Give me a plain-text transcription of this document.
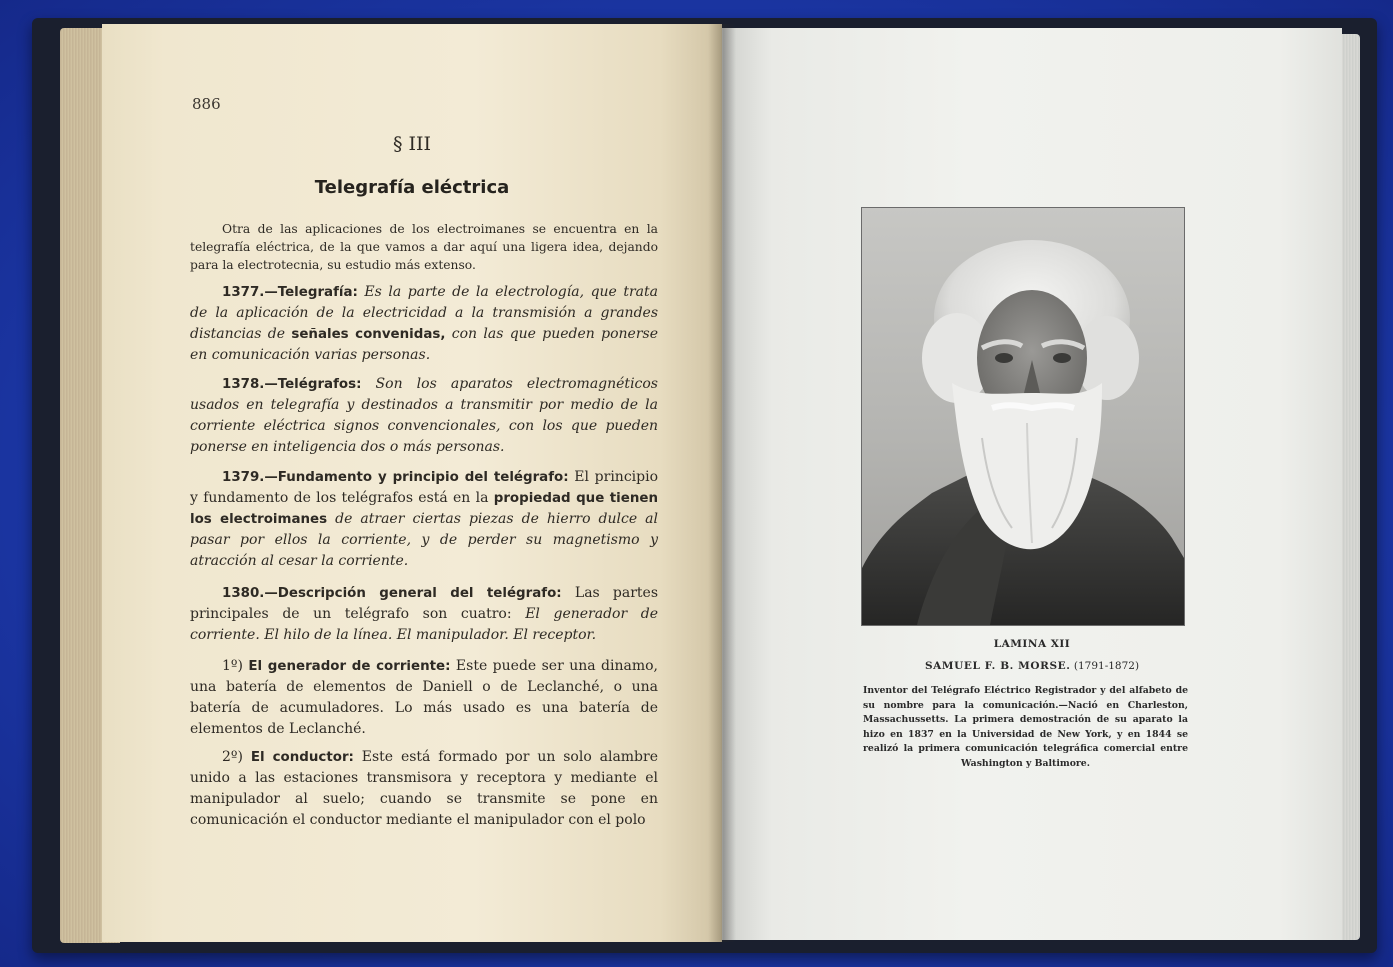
886
§ III
Telegrafía eléctrica
Otra de las aplicaciones de los electroimanes se encuentra en la telegrafía eléctrica, de la que vamos a dar aquí una ligera idea, dejando para la electrotecnia, su estudio más extenso.
1377.—Telegrafía: Es la parte de la electrología, que trata de la aplicación de la electricidad a la transmisión a grandes distancias de señales convenidas, con las que pueden ponerse en comunicación varias personas.
1378.—Telégrafos: Son los aparatos electromagnéticos usados en telegrafía y destinados a transmitir por medio de la corriente eléctrica signos convencionales, con los que pueden ponerse en inteligencia dos o más personas.
1379.—Fundamento y principio del telégrafo: El principio y fundamento de los telégrafos está en la propiedad que tienen los electroimanes de atraer ciertas piezas de hierro dulce al pasar por ellos la corriente, y de perder su magnetismo y atracción al cesar la corriente.
1380.—Descripción general del telégrafo: Las partes principales de un telégrafo son cuatro: El generador de corriente. El hilo de la línea. El manipulador. El receptor.
1º) El generador de corriente: Este puede ser una dinamo, una batería de elementos de Daniell o de Leclanché, o una batería de acumuladores. Lo más usado es una batería de elementos de Leclanché.
2º) El conductor: Este está formado por un solo alambre unido a las estaciones transmisora y receptora y mediante el manipulador al suelo; cuando se transmite se pone en comunicación el conductor mediante el manipulador con el polo
LAMINA XII
SAMUEL F. B. MORSE. (1791-1872)
Inventor del Telégrafo Eléctrico Registrador y del alfabeto de su nombre para la comunicación.—Nació en Charleston, Massachussetts. La primera demostración de su aparato la hizo en 1837 en la Universidad de New York, y en 1844 se realizó la primera comunicación telegráfica comercial entre Washington y Baltimore.
